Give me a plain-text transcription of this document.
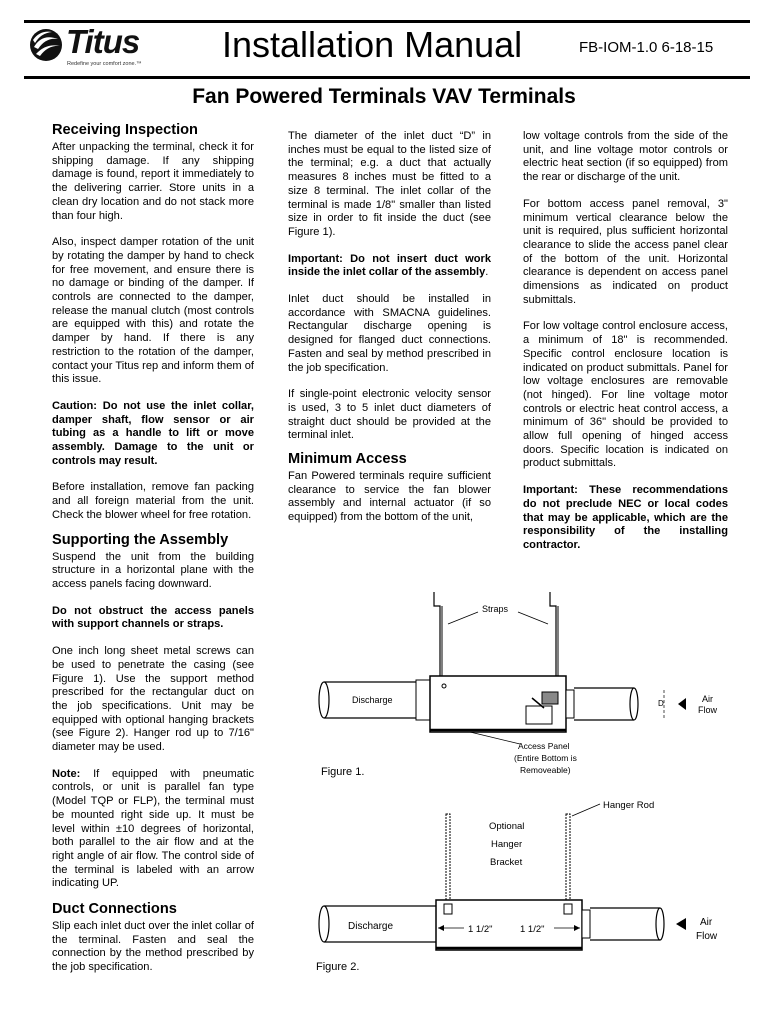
Titus
Redefine your comfort zone.™ Installation Manual	FB-IOM-1.0 6-18-15
Fan Powered Terminals VAV Terminals
Receiving Inspection

After unpacking the terminal, check it for shipping damage. If any shipping damage is found, report it immediately to the delivering carrier. Store units in a clean dry location and do not stack more than four high.

Also, inspect damper rotation of the unit by rotating the damper by hand to check for free movement, and ensure there is no damage or binding of the damper. If controls are connected to the damper, release the manual clutch (most controls are equipped with this) and rotate the damper by hand. If there is any restriction to the rotation of the damper, contact your Titus rep and inform them of this issue.

Caution: Do not use the inlet collar, damper shaft, flow sensor or air tubing as a handle to lift or move assembly. Damage to the unit or controls may result.

Before installation, remove fan packing and all foreign material from the unit. Check the blower wheel for free rotation.

Supporting the Assembly

Suspend the unit from the building structure in a horizontal plane with the access panels facing downward.

Do not obstruct the access panels with support channels or straps.

One inch long sheet metal screws can be used to penetrate the casing (see Figure 1). Use the support method prescribed for the rectangular duct on the job specifications. Unit may be equipped with optional hanging brackets (see Figure 2). Hanger rod up to 7/16" diameter may be used.

Note: If equipped with pneumatic controls, or unit is parallel fan type (Model TQP or FLP), the terminal must be mounted right side up. It must be level within ±10 degrees of horizontal, both parallel to the air flow and at the right angle of air flow. The control side of the terminal is labeled with an arrow indicating UP.

Duct Connections

Slip each inlet duct over the inlet collar of the terminal. Fasten and seal the connection by the method prescribed by the job specification.

The diameter of the inlet duct “D” in inches must be equal to the listed size of the terminal; e.g. a duct that actually measures 8 inches must be fitted to a size 8 terminal. The inlet collar of the terminal is made 1/8" smaller than listed size in order to fit inside the duct (see Figure 1).

Important: Do not insert duct work inside the inlet collar of the assembly.

Inlet duct should be installed in accordance with SMACNA guidelines. Rectangular discharge opening is designed for flanged duct connections. Fasten and seal by method prescribed in the job specification.

If single-point electronic velocity sensor is used, 3 to 5 inlet duct diameters of straight duct should be provided at the terminal inlet.

Minimum Access

Fan Powered terminals require sufficient clearance to service the fan blower assembly and internal actuator (if so equipped) from the bottom of the unit,

low voltage controls from the side of the unit, and line voltage motor controls or electric heat section (if so equipped) from the rear or discharge of the unit.

For bottom access panel removal, 3" minimum vertical clearance below the unit is required, plus sufficient horizontal clearance to slide the access panel clear of the bottom of the unit. Horizontal clearance is dependent on access panel dimensions as indicated on product submittals.

For low voltage control enclosure access, a minimum of 18" is recommended. Specific control enclosure location is indicated on product submittals. Panel for low voltage enclosures are removable (not hinged). For line voltage motor controls or electric heat control access, a minimum of 36" should be provided to allow full opening of hinged access doors. Specific location is indicated on product submittals.

Important: These recommendations do not preclude NEC or local codes that may be applicable, which are the responsibility of the installing contractor.

Straps
Discharge	D	Air
Flow
Access Panel
(Entire Bottom is
Removeable)
Figure 1.
Hanger Rod
Optional
Hanger
Bracket
Discharge	1 1/2"	1 1/2"
Air
Flow
Figure 2.
